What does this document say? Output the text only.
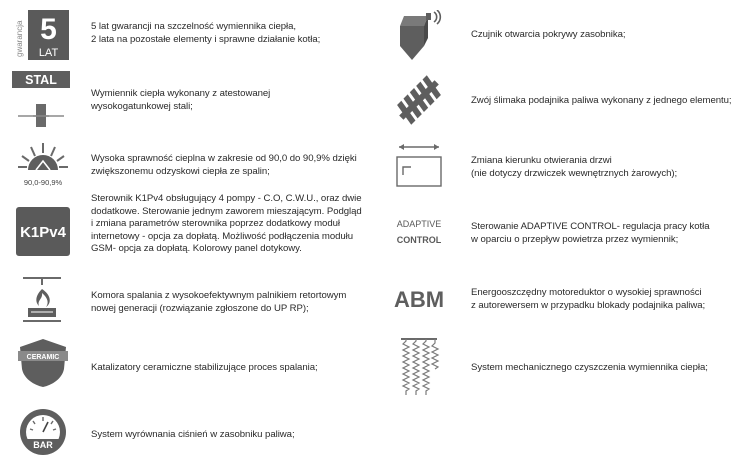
5
LAT
gwarancja	5 lat gwarancji na szczelność wymiennika ciepła,
2 lata na pozostałe elementy i sprawne działanie kotła;
STAL
Wymiennik ciepła wykonany z atestowanej
wysokogatunkowej stali;
90,0-90,9%
Wysoka sprawność cieplna w zakresie od 90,0 do 90,9% dzięki
zwiększonemu odzyskowi ciepła ze spalin;
K1Pv4
Sterownik K1Pv4 obsługujący 4 pompy - C.O, C.W.U., oraz dwie
dodatkowe. Sterowanie jednym zaworem mieszającym. Podgląd
i zmiana parametrów sterownika poprzez dodatkowy moduł
internetowy - opcja za dopłatą. Możliwość podłączenia modułu
GSM- opcja za dopłatą. Kolorowy panel dotykowy.
Komora spalania z wysokoefektywnym palnikiem retortowym
nowej generacji (rozwiązanie zgłoszone do UP RP);
CERAMIC
Katalizatory ceramiczne stabilizujące proces spalania;
BAR
System wyrównania ciśnień w zasobniku paliwa;
Czujnik otwarcia pokrywy zasobnika;
Zwój ślimaka podajnika paliwa wykonany z jednego elementu;
Zmiana kierunku otwierania drzwi
(nie dotyczy drzwiczek wewnętrznych żarowych);
ADAPTIVE
CONTROL
Sterowanie ADAPTIVE CONTROL- regulacja pracy kotła
w oparciu o przepływ powietrza przez wymiennik;
ABM	Energooszczędny motoreduktor o wysokiej sprawności
z autorewersem w przypadku blokady podajnika paliwa;
System mechanicznego czyszczenia wymiennika ciepła;
